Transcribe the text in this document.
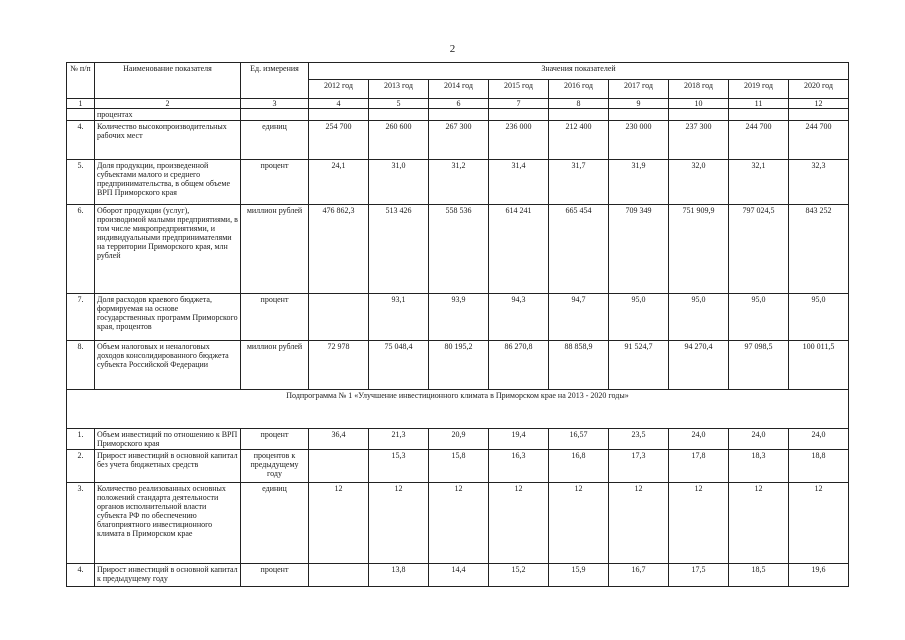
2
№ п/п	Наименование показателя	Ед. измерения	Значения показателей								
			2012 год	2013 год	2014 год	2015 год	2016 год	2017 год	2018 год	2019 год	2020 год
1	2	3	4	5	6	7	8	9	10	11	12
	процентах										
4.	Количество высокопроизводительных рабочих мест	единиц	254 700	260 600	267 300	236 000	212 400	230 000	237 300	244 700	244 700
5.	Доля продукции, произведенной субъектами малого и среднего предпринимательства, в общем объеме ВРП Приморского края	процент	24,1	31,0	31,2	31,4	31,7	31,9	32,0	32,1	32,3
6.	Оборот продукции (услуг), производимой малыми предприятиями, в том числе микропредприятиями, и индивидуальными предпринимателями на территории Приморского края, млн рублей	миллион рублей	476 862,3	513 426	558 536	614 241	665 454	709 349	751 909,9	797 024,5	843 252
7.	Доля расходов краевого бюджета, формируемая на основе государственных программ Приморского края, процентов	процент		93,1	93,9	94,3	94,7	95,0	95,0	95,0	95,0
8.	Объем налоговых и неналоговых доходов консолидированного бюджета субъекта Российской Федерации	миллион рублей	72 978	75 048,4	80 195,2	86 270,8	88 858,9	91 524,7	94 270,4	97 098,5	100 011,5
Подпрограмма № 1 «Улучшение инвестиционного климата в Приморском крае на 2013 - 2020 годы»											
1.	Объем инвестиций по отношению к ВРП Приморского края	процент	36,4	21,3	20,9	19,4	16,57	23,5	24,0	24,0	24,0
2.	Прирост инвестиций в основной капитал без учета бюджетных средств	процентов к предыдущему году		15,3	15,8	16,3	16,8	17,3	17,8	18,3	18,8
3.	Количество реализованных основных положений стандарта деятельности органов исполнительной власти субъекта РФ по обеспечению благоприятного инвестиционного климата в Приморском крае	единиц	12	12	12	12	12	12	12	12	12
4.	Прирост инвестиций в основной капитал к предыдущему году	процент		13,8	14,4	15,2	15,9	16,7	17,5	18,5	19,6
